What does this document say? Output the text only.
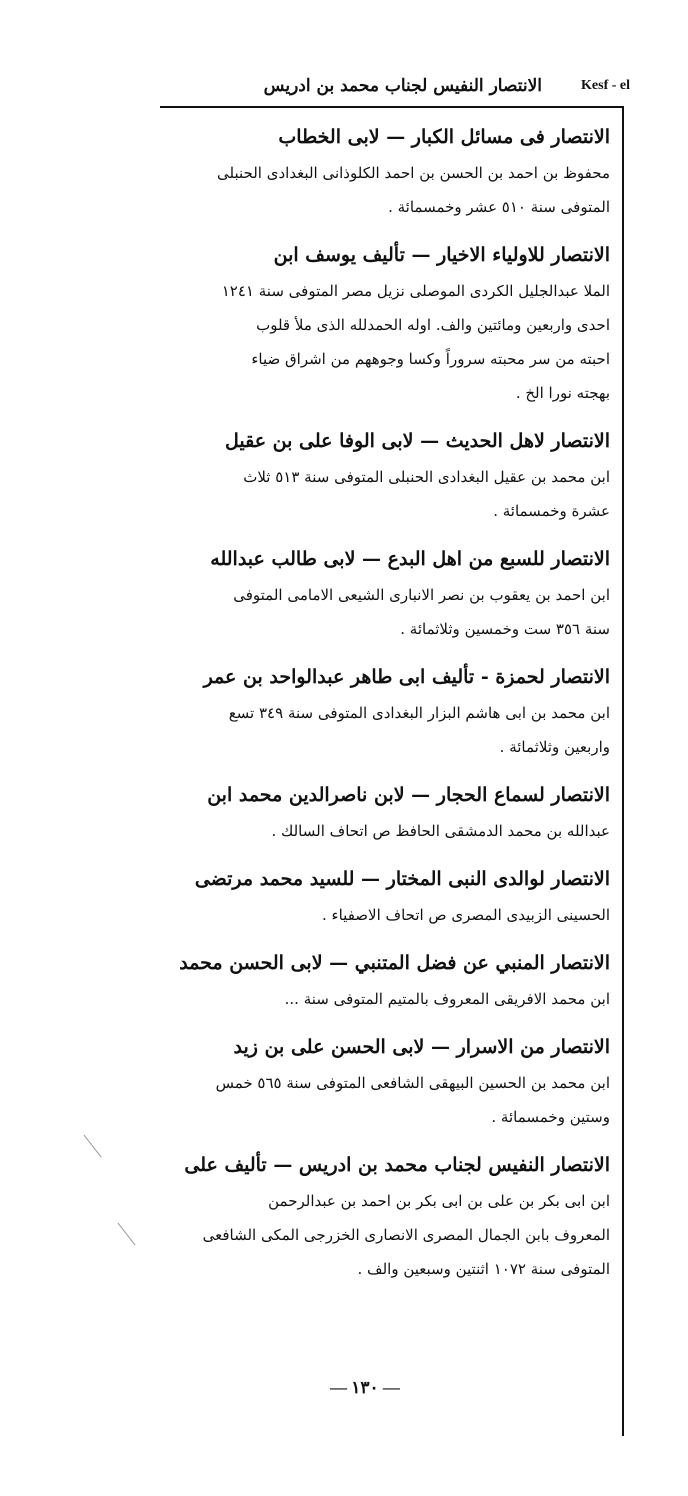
الانتصار النفيس لجناب محمد بن ادريس	Kesf - el
الانتصار فى مسائل الكبار — لابى الخطاب
محفوظ بن احمد بن الحسن بن احمد الكلوذانى البغدادى الحنبلى
المتوفى سنة ٥١٠ عشر وخمسمائة .
الانتصار للاولياء الاخيار — تأليف يوسف ابن
الملا عبدالجليل الكردى الموصلى نزيل مصر المتوفى سنة ١٢٤١
احدى واربعين ومائتين والف. اوله الحمدلله الذى ملأ قلوب
احبته من سر محبته سروراً وكسا وجوههم من اشراق ضياء
بهجته نورا الخ .
الانتصار لاهل الحديث — لابى الوفا على بن عقيل
ابن محمد بن عقيل البغدادى الحنبلى المتوفى سنة ٥١٣ ثلاث
عشرة وخمسمائة .
الانتصار للسبع من اهل البدع — لابى طالب عبدالله
ابن احمد بن يعقوب بن نصر الانبارى الشيعى الامامى المتوفى
سنة ٣٥٦ ست وخمسين وثلاثمائة .
الانتصار لحمزة - تأليف ابى طاهر عبدالواحد بن عمر
ابن محمد بن ابى هاشم البزار البغدادى المتوفى سنة ٣٤٩ تسع
واربعين وثلاثمائة .
الانتصار لسماع الحجار — لابن ناصرالدين محمد ابن
عبدالله بن محمد الدمشقى الحافظ ص اتحاف السالك .
الانتصار لوالدى النبى المختار — للسيد محمد مرتضى
الحسينى الزبيدى المصرى ص اتحاف الاصفياء .
الانتصار المنبي عن فضل المتنبي — لابى الحسن محمد
ابن محمد الافريقى المعروف بالمتيم المتوفى سنة ...
الانتصار من الاسرار — لابى الحسن على بن زيد
ابن محمد بن الحسين البيهقى الشافعى المتوفى سنة ٥٦٥ خمس
وستين وخمسمائة .
الانتصار النفيس لجناب محمد بن ادريس — تأليف على
ابن ابى بكر بن على بن ابى بكر بن احمد بن عبدالرحمن
المعروف بابن الجمال المصرى الانصارى الخزرجى المكى الشافعى
المتوفى سنة ١٠٧٢ اثنتين وسبعين والف .
— ١٣٠ —
